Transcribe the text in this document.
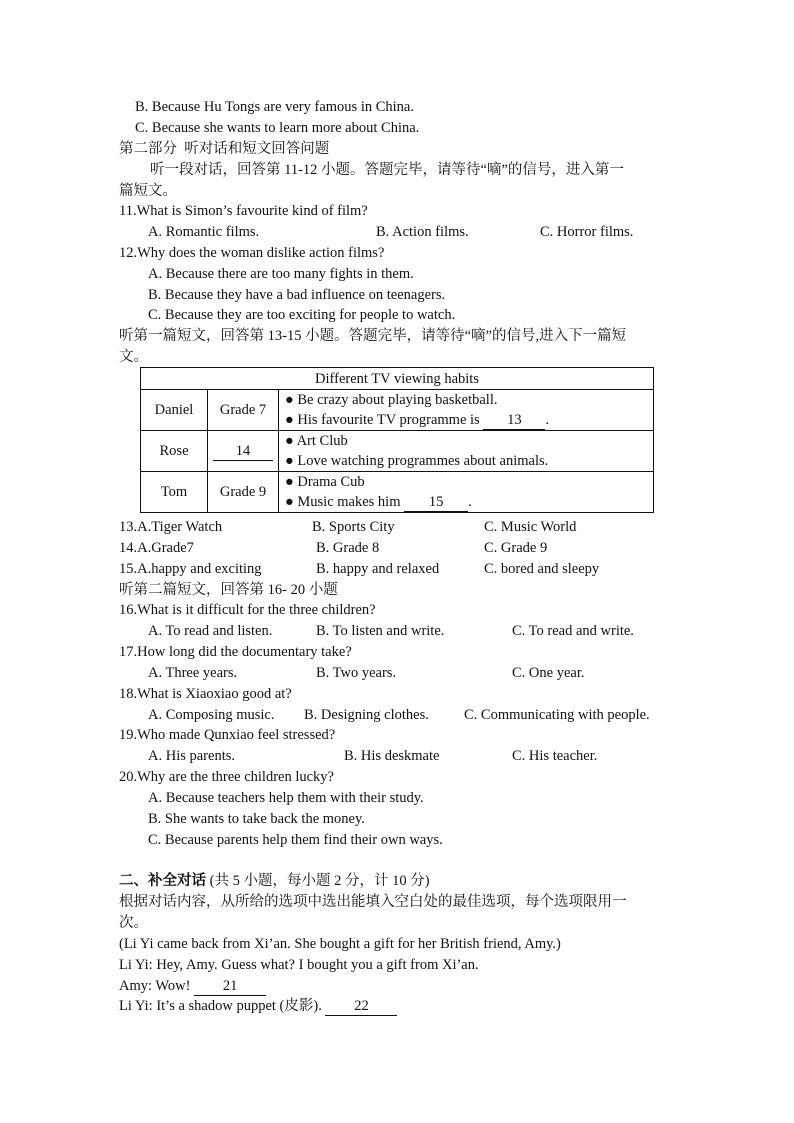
B. Because Hu Tongs are very famous in China.
C. Because she wants to learn more about China.
第二部分  听对话和短文回答问题
听一段对话，回答第 11-12 小题。答题完毕，请等待“嘀”的信号，进入第一
篇短文。
11.What is Simon’s favourite kind of film?
A. Romantic films.	B. Action films.	C. Horror films.
12.Why does the woman dislike action films?
A. Because there are too many fights in them.
B. Because they have a bad influence on teenagers.
C. Because they are too exciting for people to watch.
听第一篇短文，回答第 13-15 小题。答题完毕，请等待“嘀”的信号,进入下一篇短
文。
Different TV viewing habits		
Daniel	Grade 7	● Be crazy about playing basketball.
● His favourite TV programme is 13 .

Rose	14	● Art Club
● Love watching programmes about animals.

Tom	Grade 9	● Drama Cub
● Music makes him 15 .
13.A.Tiger Watch	B. Sports City	C. Music World
14.A.Grade7	B. Grade 8	C. Grade 9
15.A.happy and exciting	B. happy and relaxed	C. bored and sleepy
听第二篇短文，回答第 16- 20 小题
16.What is it difficult for the three children?
A. To read and listen.	B. To listen and write.	C. To read and write.
17.How long did the documentary take?
A. Three years.	B. Two years.	C. One year.
18.What is Xiaoxiao good at?
A. Composing music. B. Designing clothes. C. Communicating with people.
19.Who made Qunxiao feel stressed?
A. His parents.	B. His deskmate	C. His teacher.
20.Why are the three children lucky?
A. Because teachers help them with their study.
B. She wants to take back the money.
C. Because parents help them find their own ways.
二、补全对话 (共 5 小题，每小题 2 分，计 10 分)
根据对话内容，从所给的选项中选出能填入空白处的最佳选项，每个选项限用一
次。
(Li Yi came back from Xi’an. She bought a gift for her British friend, Amy.)
Li Yi: Hey, Amy. Guess what? I bought you a gift from Xi’an.
Amy: Wow! 21
Li Yi: It’s a shadow puppet (皮影). 22
